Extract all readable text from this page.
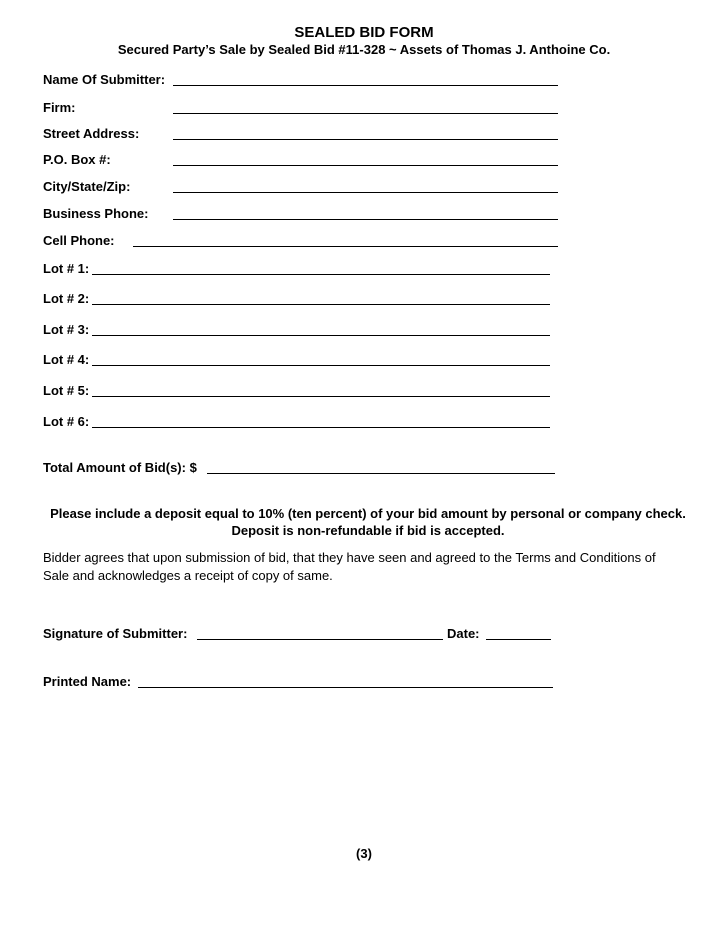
SEALED BID FORM
Secured Party’s Sale by Sealed Bid #11-328 ~ Assets of Thomas J. Anthoine Co.
Name Of Submitter:
Firm:
Street Address:
P.O. Box #:
City/State/Zip:
Business Phone:
Cell Phone:
Lot # 1:
Lot # 2:
Lot # 3:
Lot # 4:
Lot # 5:
Lot # 6:
Total Amount of Bid(s): $
Please include a deposit equal to 10% (ten percent) of your bid amount by personal or company check.
Deposit is non-refundable if bid is accepted.
Bidder agrees that upon submission of bid, that they have seen and agreed to the Terms and Conditions of Sale and acknowledges a receipt of copy of same.
Signature of Submitter:	Date:
Printed Name:
(3)
